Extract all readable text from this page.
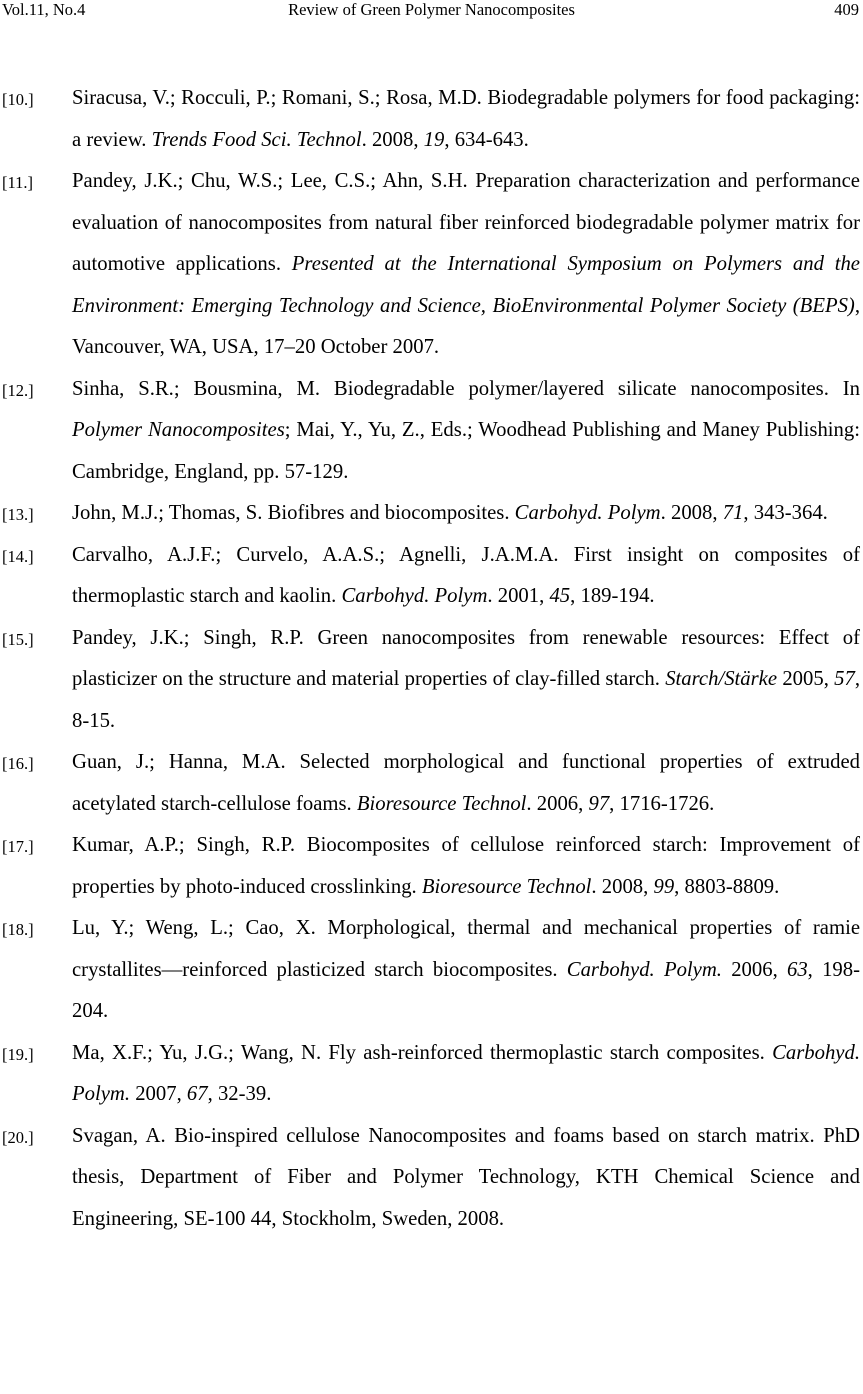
Vol.11, No.4	Review of Green Polymer Nanocomposites	409
[10.] Siracusa, V.; Rocculi, P.; Romani, S.; Rosa, M.D. Biodegradable polymers for food packaging: a review. Trends Food Sci. Technol. 2008, 19, 634-643.
[11.] Pandey, J.K.; Chu, W.S.; Lee, C.S.; Ahn, S.H. Preparation characterization and performance evaluation of nanocomposites from natural fiber reinforced biodegradable polymer matrix for automotive applications. Presented at the International Symposium on Polymers and the Environment: Emerging Technology and Science, BioEnvironmental Polymer Society (BEPS), Vancouver, WA, USA, 17–20 October 2007.
[12.] Sinha, S.R.; Bousmina, M. Biodegradable polymer/layered silicate nanocomposites. In Polymer Nanocomposites; Mai, Y., Yu, Z., Eds.; Woodhead Publishing and Maney Publishing: Cambridge, England, pp. 57-129.
[13.] John, M.J.; Thomas, S. Biofibres and biocomposites. Carbohyd. Polym. 2008, 71, 343-364.
[14.] Carvalho, A.J.F.; Curvelo, A.A.S.; Agnelli, J.A.M.A. First insight on composites of thermoplastic starch and kaolin. Carbohyd. Polym. 2001, 45, 189-194.
[15.] Pandey, J.K.; Singh, R.P. Green nanocomposites from renewable resources: Effect of plasticizer on the structure and material properties of clay-filled starch. Starch/Stärke 2005, 57, 8-15.
[16.] Guan, J.; Hanna, M.A. Selected morphological and functional properties of extruded acetylated starch-cellulose foams. Bioresource Technol. 2006, 97, 1716-1726.
[17.] Kumar, A.P.; Singh, R.P. Biocomposites of cellulose reinforced starch: Improvement of properties by photo-induced crosslinking. Bioresource Technol. 2008, 99, 8803-8809.
[18.] Lu, Y.; Weng, L.; Cao, X. Morphological, thermal and mechanical properties of ramie crystallites—reinforced plasticized starch biocomposites. Carbohyd. Polym. 2006, 63, 198-204.
[19.] Ma, X.F.; Yu, J.G.; Wang, N. Fly ash-reinforced thermoplastic starch composites. Carbohyd. Polym. 2007, 67, 32-39.
[20.] Svagan, A. Bio-inspired cellulose Nanocomposites and foams based on starch matrix. PhD thesis, Department of Fiber and Polymer Technology, KTH Chemical Science and Engineering, SE-100 44, Stockholm, Sweden, 2008.
